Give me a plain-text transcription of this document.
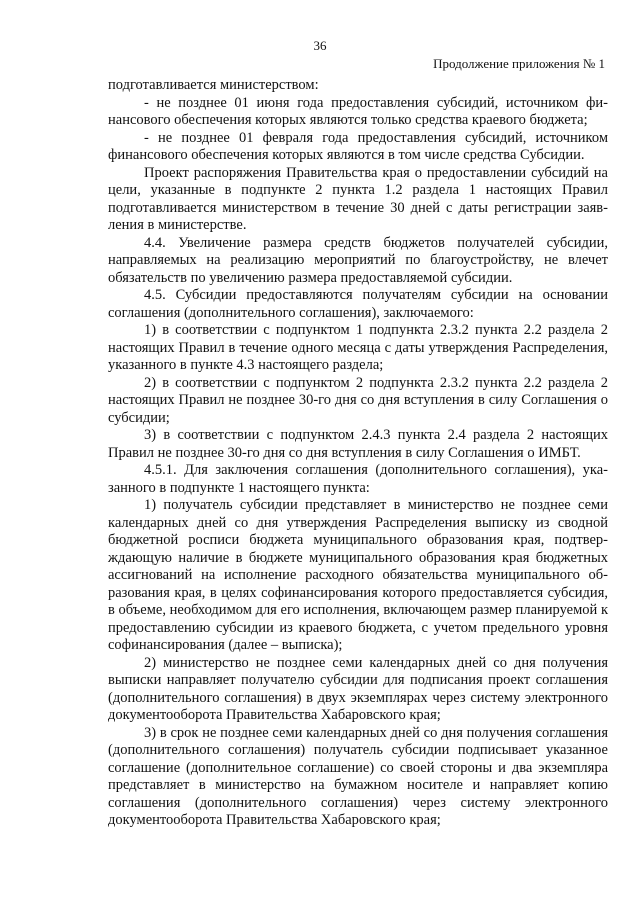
36
Продолжение приложения № 1

подготавливается министерством:

- не позднее 01 июня года предоставления субсидий, источником финансового обеспечения которых являются только средства краевого бюджета;

- не позднее 01 февраля года предоставления субсидий, источником финансового обеспечения которых являются в том числе средства Субсидии.

Проект распоряжения Правительства края о предоставлении субсидий на цели, указанные в подпункте 2 пункта 1.2 раздела 1 настоящих Правил подготавливается министерством в течение 30 дней с даты регистрации заявления в министерстве.

4.4. Увеличение размера средств бюджетов получателей субсидии, направляемых на реализацию мероприятий по благоустройству, не влечет обязательств по увеличению размера предоставляемой субсидии.

4.5. Субсидии предоставляются получателям субсидии на основании соглашения (дополнительного соглашения), заключаемого:

1) в соответствии с подпунктом 1 подпункта 2.3.2 пункта 2.2 раздела 2 настоящих Правил в течение одного месяца с даты утверждения Распределения, указанного в пункте 4.3 настоящего раздела;

2) в соответствии с подпунктом 2 подпункта 2.3.2 пункта 2.2 раздела 2 настоящих Правил не позднее 30-го дня со дня вступления в силу Соглашения о субсидии;

3) в соответствии с подпунктом 2.4.3 пункта 2.4 раздела 2 настоящих Правил не позднее 30-го дня со дня вступления в силу Соглашения о ИМБТ.

4.5.1. Для заключения соглашения (дополнительного соглашения), указанного в подпункте 1 настоящего пункта:

1) получатель субсидии представляет в министерство не позднее семи календарных дней со дня утверждения Распределения выписку из сводной бюджетной росписи бюджета муниципального образования края, подтверждающую наличие в бюджете муниципального образования края бюджетных ассигнований на исполнение расходного обязательства муниципального образования края, в целях софинансирования которого предоставляется субсидия, в объеме, необходимом для его исполнения, включающем размер планируемой к предоставлению субсидии из краевого бюджета, с учетом предельного уровня софинансирования (далее – выписка);

2) министерство не позднее семи календарных дней со дня получения выписки направляет получателю субсидии для подписания проект соглашения (дополнительного соглашения) в двух экземплярах через систему электронного документооборота Правительства Хабаровского края;

3) в срок не позднее семи календарных дней со дня получения соглашения (дополнительного соглашения) получатель субсидии подписывает указанное соглашение (дополнительное соглашение) со своей стороны и два экземпляра представляет в министерство на бумажном носителе и направляет копию соглашения (дополнительного соглашения) через систему электронного документооборота Правительства Хабаровского края;
